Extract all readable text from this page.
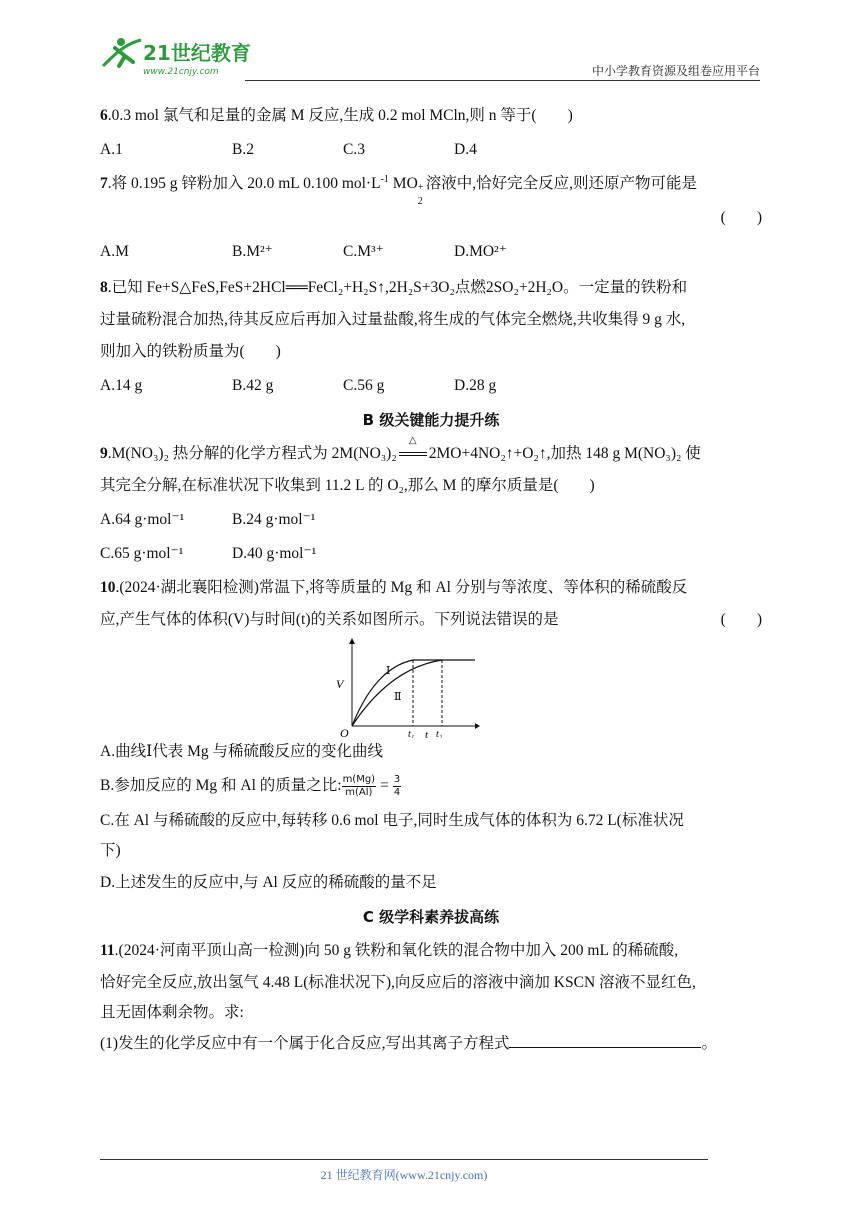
21世纪教育
www.21cnjy.com	中小学教育资源及组卷应用平台

6.0.3 mol 氯气和足量的金属 M 反应,生成 0.2 mol MCln,则 n 等于(　　)

A.1	B.2	C.3	D.4

7.将 0.195 g 锌粉加入 20.0 mL 0.100 $mol\cdot L^{-1}$ MO +
2
溶液中,恰好完全反应,则还原产物可能是

(　　)
A.M	B.M²⁺	C.M³⁺	D.MO²⁺

8.已知 Fe+S△FeS,FeS+2HCl══FeCl₂+H₂S↑,2H₂S+3O₂点燃2SO₂+2H₂O。一定量的铁粉和

过量硫粉混合加热,待其反应后再加入过量盐酸,将生成的气体完全燃烧,共收集得 9 g 水,

则加入的铁粉质量为(　　)

A.14 g	B.42 g	C.56 g	D.28 g
B 级关键能力提升练

9.M(NO₃)₂ 热分解的化学方程式为 2M(NO₃)₂
△
2MO+4NO₂↑+O₂↑,加热 148 g M(NO₃)₂ 使

其完全分解,在标准状况下收集到 11.2 L 的 O₂,那么 M 的摩尔质量是(　　)

A.64 g·mol⁻¹	B.24 g·mol⁻¹
C.65 g·mol⁻¹	D.40 g·mol⁻¹

10.(2024·湖北襄阳检测)常温下,将等质量的 Mg 和 Al 分别与等浓度、等体积的稀硫酸反

应,产生气体的体积(V)与时间(t)的关系如图所示。下列说法错误的是	(　　)
V
O	t₁ t₂
t
Ⅰ
Ⅱ

A.曲线Ⅰ代表 Mg 与稀硫酸反应的变化曲线

B.参加反应的 Mg 和 Al 的质量之比: $\frac{m(Mg)}{m(Al)} = \frac{3}{4}$

C.在 Al 与稀硫酸的反应中,每转移 0.6 mol 电子,同时生成气体的体积为 6.72 L(标准状况

下)

D.上述发生的反应中,与 Al 反应的稀硫酸的量不足

C 级学科素养拔高练

11.(2024·河南平顶山高一检测)向 50 g 铁粉和氧化铁的混合物中加入 200 mL 的稀硫酸,

恰好完全反应,放出氢气 4.48 L(标准状况下),向反应后的溶液中滴加 KSCN 溶液不显红色,

且无固体剩余物。求:

(1)发生的化学反应中有一个属于化合反应,写出其离子方程式	。

21 世纪教育网(www.21cnjy.com)
